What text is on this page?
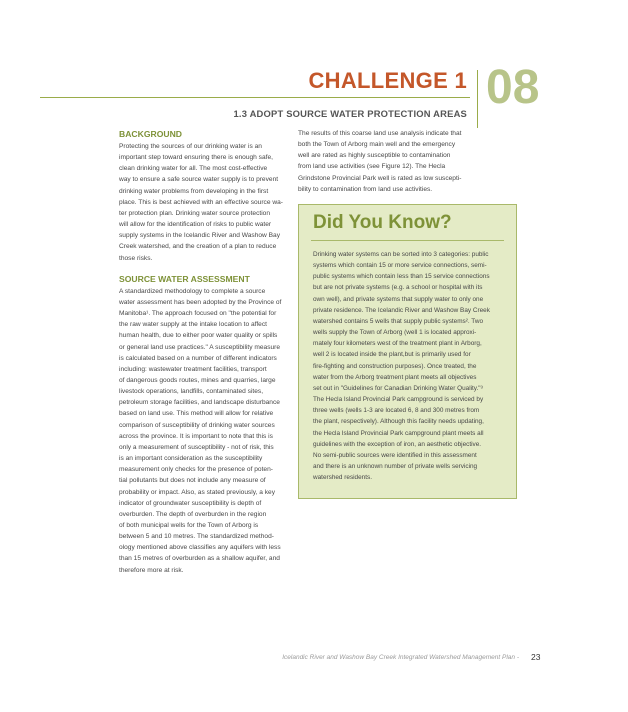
CHALLENGE 1 08
1.3 ADOPT SOURCE WATER PROTECTION AREAS
BACKGROUND
Protecting the sources of our drinking water is an
important step toward ensuring there is enough safe,
clean drinking water for all. The most cost-effective
way to ensure a safe source water supply is to prevent
drinking water problems from developing in the first
place. This is best achieved with an effective source wa-
ter protection plan. Drinking water source protection
will allow for the identification of risks to public water
supply systems in the Icelandic River and Washow Bay
Creek watershed, and the creation of a plan to reduce
those risks.
SOURCE WATER ASSESSMENT
A standardized methodology to complete a source
water assessment has been adopted by the Province of
Manitoba¹. The approach focused on "the potential for
the raw water supply at the intake location to affect
human health, due to either poor water quality or spills
or general land use practices." A susceptibility measure
is calculated based on a number of different indicators
including: wastewater treatment facilities, transport
of dangerous goods routes, mines and quarries, large
livestock operations, landfills, contaminated sites,
petroleum storage facilities, and landscape disturbance
based on land use. This method will allow for relative
comparison of susceptibility of drinking water sources
across the province. It is important to note that this is
only a measurement of susceptibility - not of risk, this
is an important consideration as the susceptibility
measurement only checks for the presence of poten-
tial pollutants but does not include any measure of
probability or impact. Also, as stated previously, a key
indicator of groundwater susceptibility is depth of
overburden. The depth of overburden in the region
of both municipal wells for the Town of Arborg is
between 5 and 10 metres. The standardized method-
ology mentioned above classifies any aquifers with less
than 15 metres of overburden as a shallow aquifer, and
therefore more at risk.
The results of this coarse land use analysis indicate that
both the Town of Arborg main well and the emergency
well are rated as highly susceptible to contamination
from land use activities (see Figure 12). The Hecla
Grindstone Provincial Park well is rated as low suscepti-
bility to contamination from land use activities.
Did You Know?
Drinking water systems can be sorted into 3 categories: public
systems which contain 15 or more service connections, semi-
public systems which contain less than 15 service connections
but are not private systems (e.g. a school or hospital with its
own well), and private systems that supply water to only one
private residence. The Icelandic River and Washow Bay Creek
watershed contains 5 wells that supply public systems². Two
wells supply the Town of Arborg (well 1 is located approxi-
mately four kilometers west of the treatment plant in Arborg,
well 2 is located inside the plant,but is primarily used for
fire-fighting and construction purposes). Once treated, the
water from the Arborg treatment plant meets all objectives
set out in "Guidelines for Canadian Drinking Water Quality."³
The Hecla Island Provincial Park campground is serviced by
three wells (wells 1-3 are located 6, 8 and 300 metres from
the plant, respectively). Although this facility needs updating,
the Hecla Island Provincial Park campground plant meets all
guidelines with the exception of iron, an aesthetic objective.
No semi-public sources were identified in this assessment
and there is an unknown number of private wells servicing
watershed residents.
Icelandic River and Washow Bay Creek Integrated Watershed Management Plan - 23
